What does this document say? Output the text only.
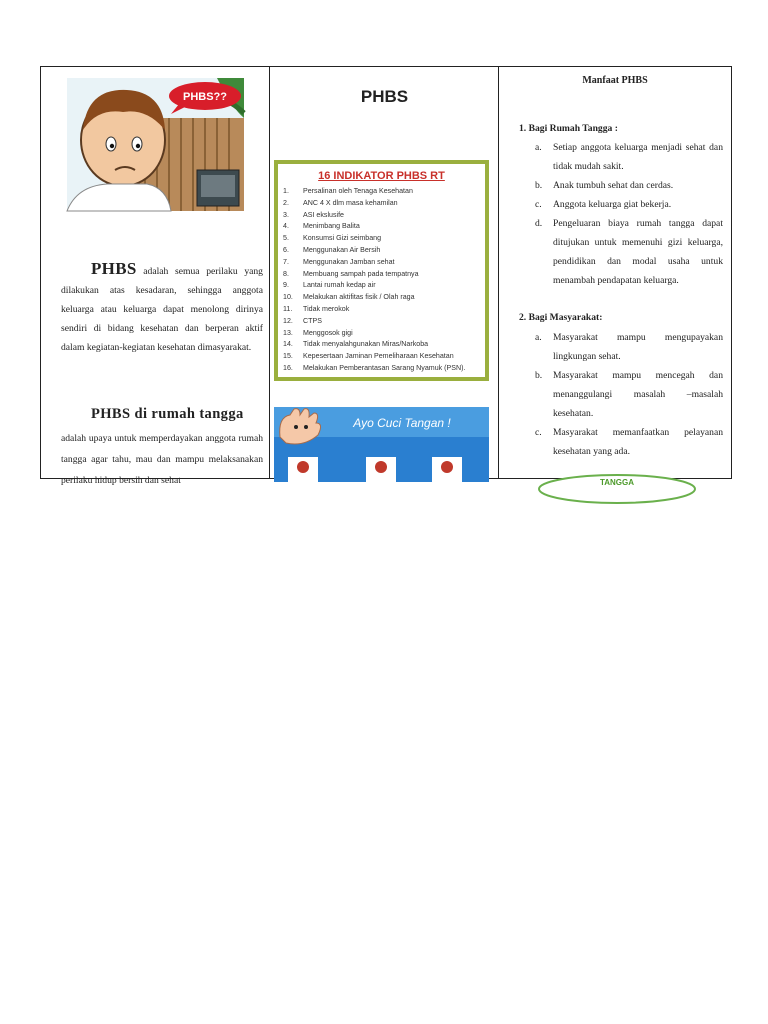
PHBS??

PHBS adalah semua perilaku yang dilakukan atas kesadaran, sehingga anggota keluarga atau keluarga dapat menolong dirinya sendiri di bidang kesehatan dan berperan aktif dalam kegiatan-kegiatan kesehatan dimasyarakat.

PHBS di rumah tangga

adalah upaya untuk memperdayakan anggota rumah tangga agar tahu, mau dan mampu melaksanakan perilaku hidup bersih dan sehat

PHBS

16 INDIKATOR PHBS RT

1.	Persalinan oleh Tenaga Kesehatan
2.	ANC 4 X dlm masa kehamilan
3.	ASI ekslusife
4.	Menimbang Balita
5.	Konsumsi Gizi seimbang
6.	Menggunakan Air Bersih
7.	Menggunakan Jamban sehat
8.	Membuang sampah pada tempatnya
9.	Lantai rumah kedap air
10.	Melakukan aktifitas fisik / Olah raga
11.	Tidak merokok
12.	CTPS
13.	Menggosok gigi
14.	Tidak menyalahgunakan Miras/Narkoba
15.	Kepesertaan Jaminan Pemeliharaan Kesehatan
16.	Melakukan Pemberantasan Sarang Nyamuk (PSN).
Ayo Cuci Tangan !
Manfaat PHBS

1. Bagi Rumah Tangga :

a.	Setiap anggota keluarga menjadi sehat dan tidak mudah sakit.
b.	Anak tumbuh sehat dan cerdas.
c.	Anggota keluarga giat bekerja.
d.	Pengeluaran biaya rumah tangga dapat ditujukan untuk memenuhi gizi keluarga, pendidikan dan modal usaha untuk menambah pendapatan keluarga.

2. Bagi Masyarakat:

a.	Masyarakat mampu mengupayakan lingkungan sehat.
b.	Masyarakat mampu mencegah dan menanggulangi masalah –masalah kesehatan.
c.	Masyarakat memanfaatkan pelayanan kesehatan yang ada.
TANGGA
